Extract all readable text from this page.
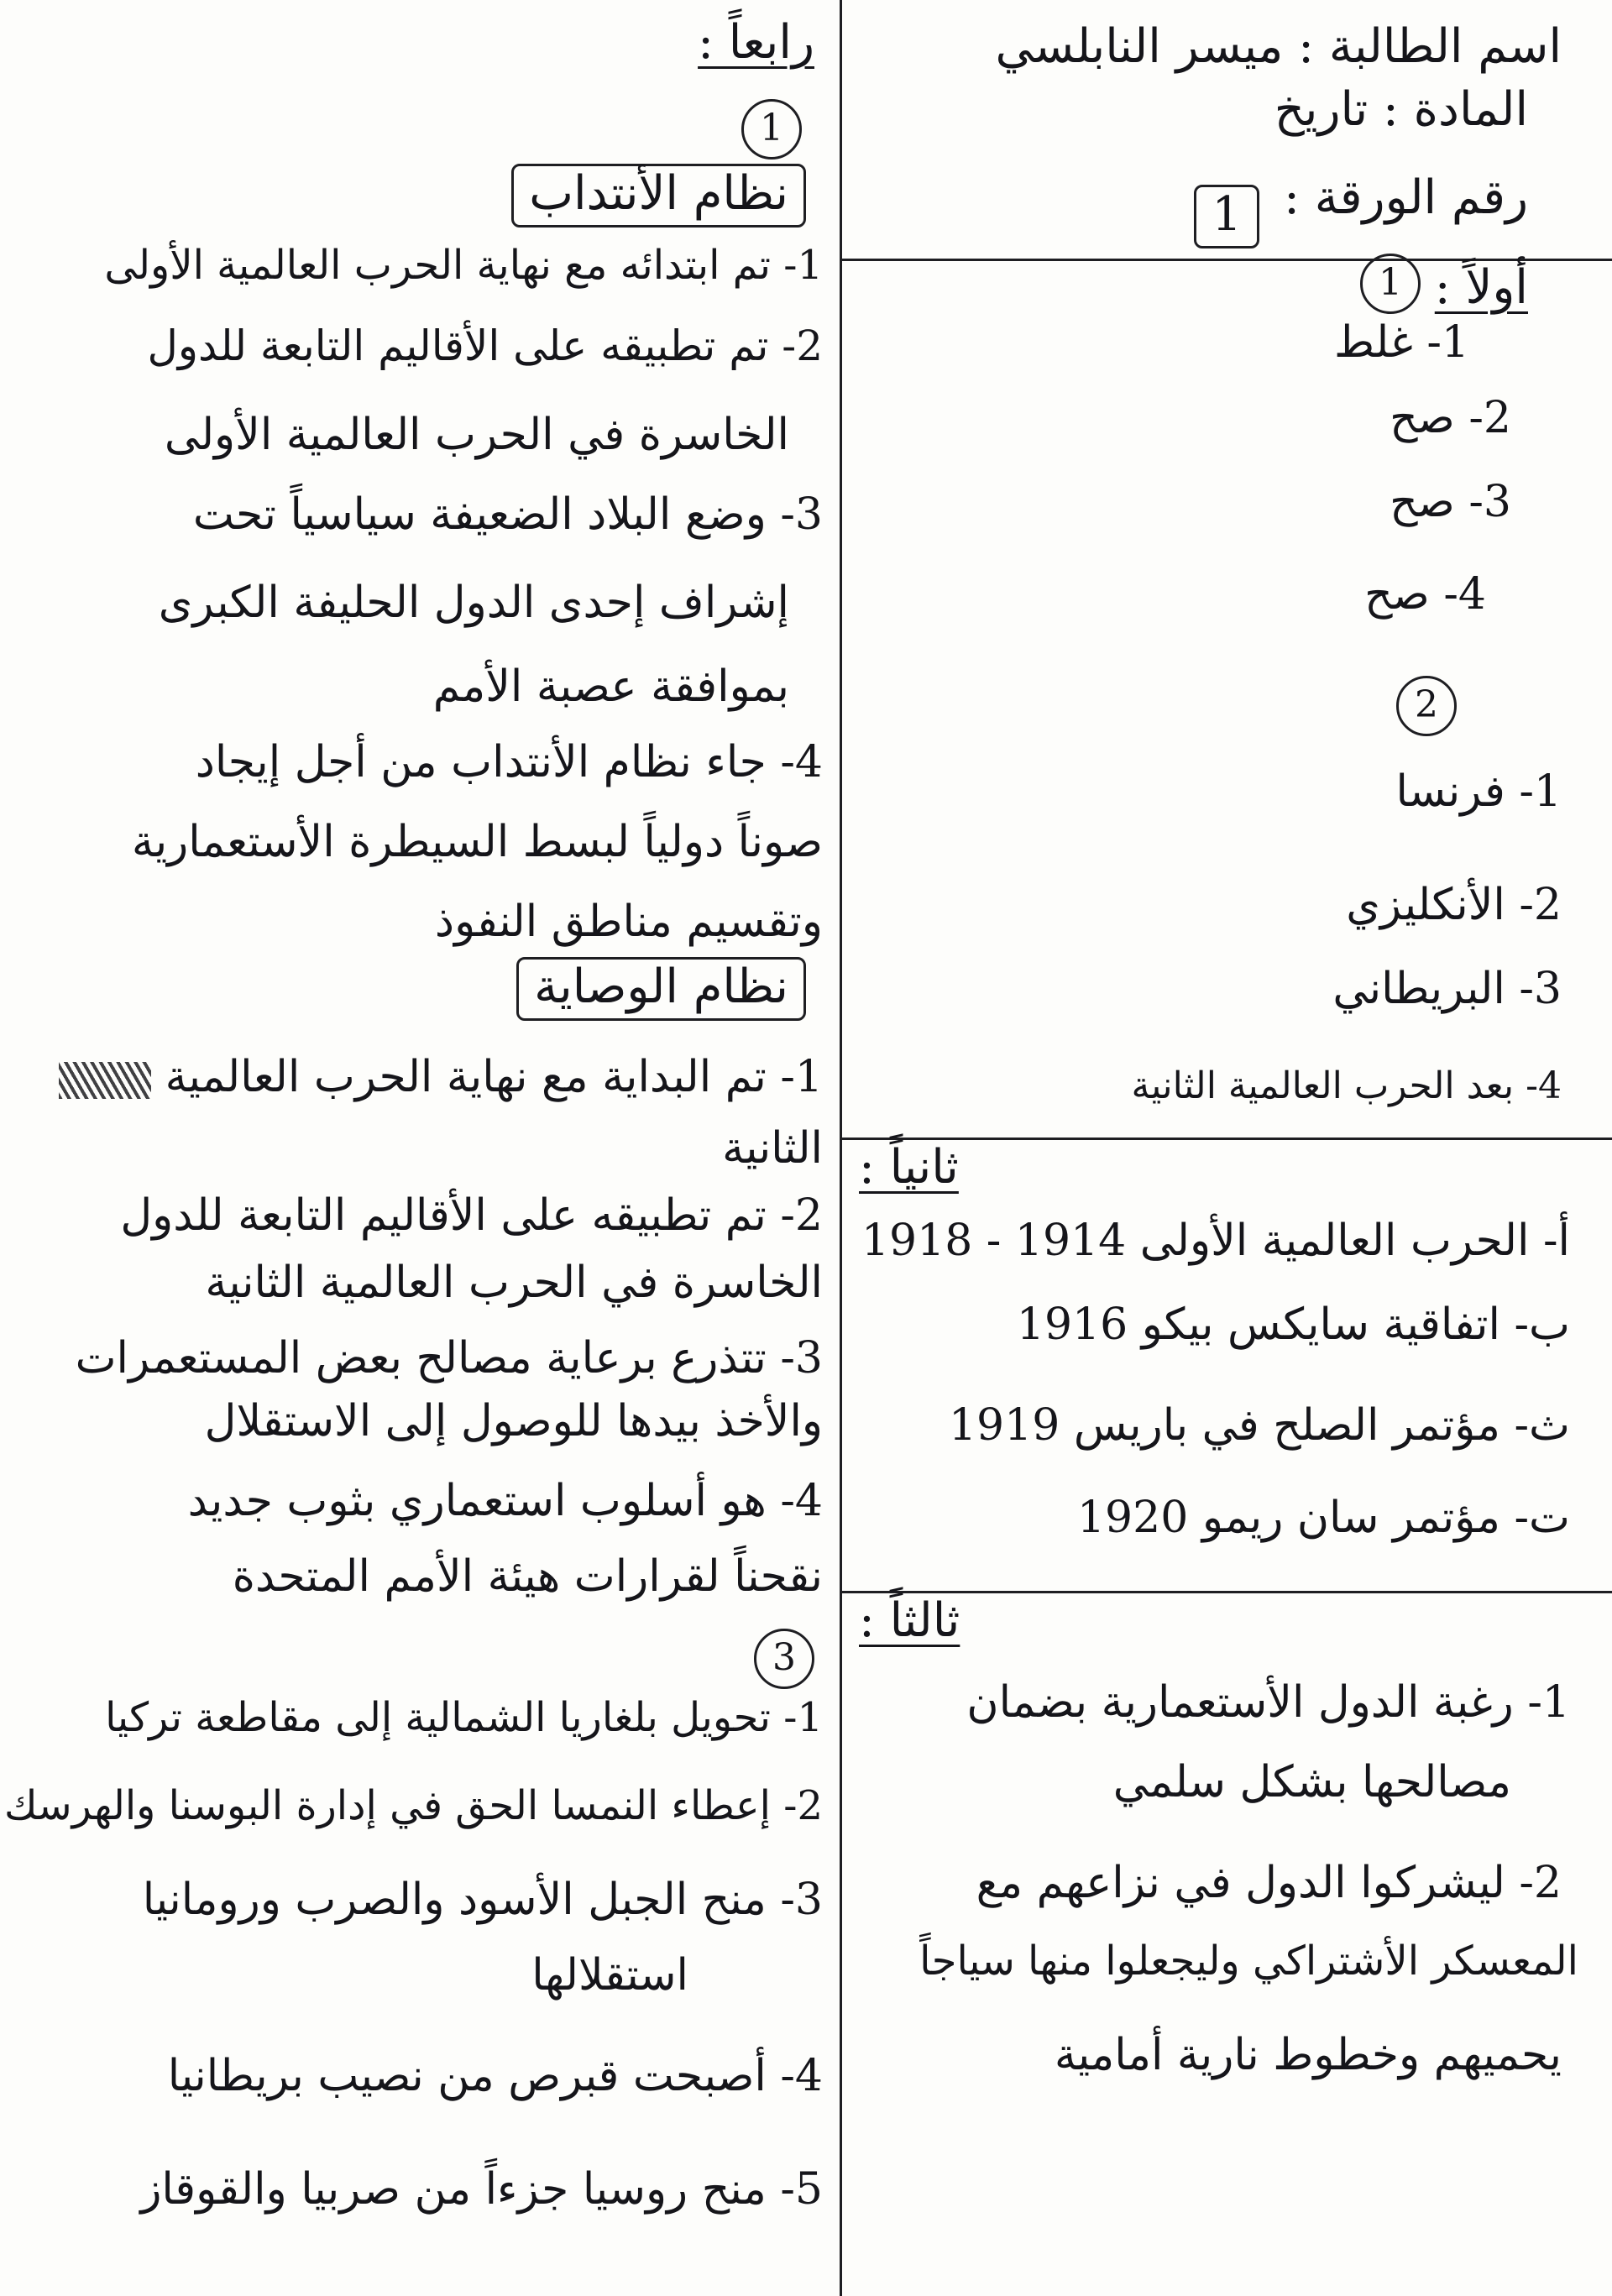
اسم الطالبة : ميسر النابلسي
المادة : تاريخ
رقم الورقة :
1
أولاً :
1
1- غلط
2- صح
3- صح
4- صح
2
1- فرنسا
2- الأنكليزي
3- البريطاني
4- بعد الحرب العالمية الثانية
ثانياً :
أ- الحرب العالمية الأولى 1914 - 1918
ب- اتفاقية سايكس بيكو 1916
ث- مؤتمر الصلح في باريس 1919
ت- مؤتمر سان ريمو 1920
ثالثاً :
1- رغبة الدول الأستعمارية بضمان
مصالحها بشكل سلمي
2- ليشركوا الدول في نزاعهم مع
المعسكر الأشتراكي وليجعلوا منها سياجاً
يحميهم وخطوط نارية أمامية
رابعاً :
1
نظام الأنتداب
1- تم ابتدائه مع نهاية الحرب العالمية الأولى
2- تم تطبيقه على الأقاليم التابعة للدول
الخاسرة في الحرب العالمية الأولى
3- وضع البلاد الضعيفة سياسياً تحت
إشراف إحدى الدول الحليفة الكبرى
بموافقة عصبة الأمم
4- جاء نظام الأنتداب من أجل إيجاد
صوناً دولياً لبسط السيطرة الأستعمارية
وتقسيم مناطق النفوذ
نظام الوصاية
1- تم البداية مع نهاية الحرب العالمية
الثانية
2- تم تطبيقه على الأقاليم التابعة للدول
الخاسرة في الحرب العالمية الثانية
3- تتذرع برعاية مصالح بعض المستعمرات
والأخذ بيدها للوصول إلى الاستقلال
4- هو أسلوب استعماري بثوب جديد
نقحناً لقرارات هيئة الأمم المتحدة
3
1- تحويل بلغاريا الشمالية إلى مقاطعة تركيا
2- إعطاء النمسا الحق في إدارة البوسنا والهرسك
3- منح الجبل الأسود والصرب ورومانيا
استقلالها
4- أصبحت قبرص من نصيب بريطانيا
5- منح روسيا جزءاً من صربيا والقوقاز
